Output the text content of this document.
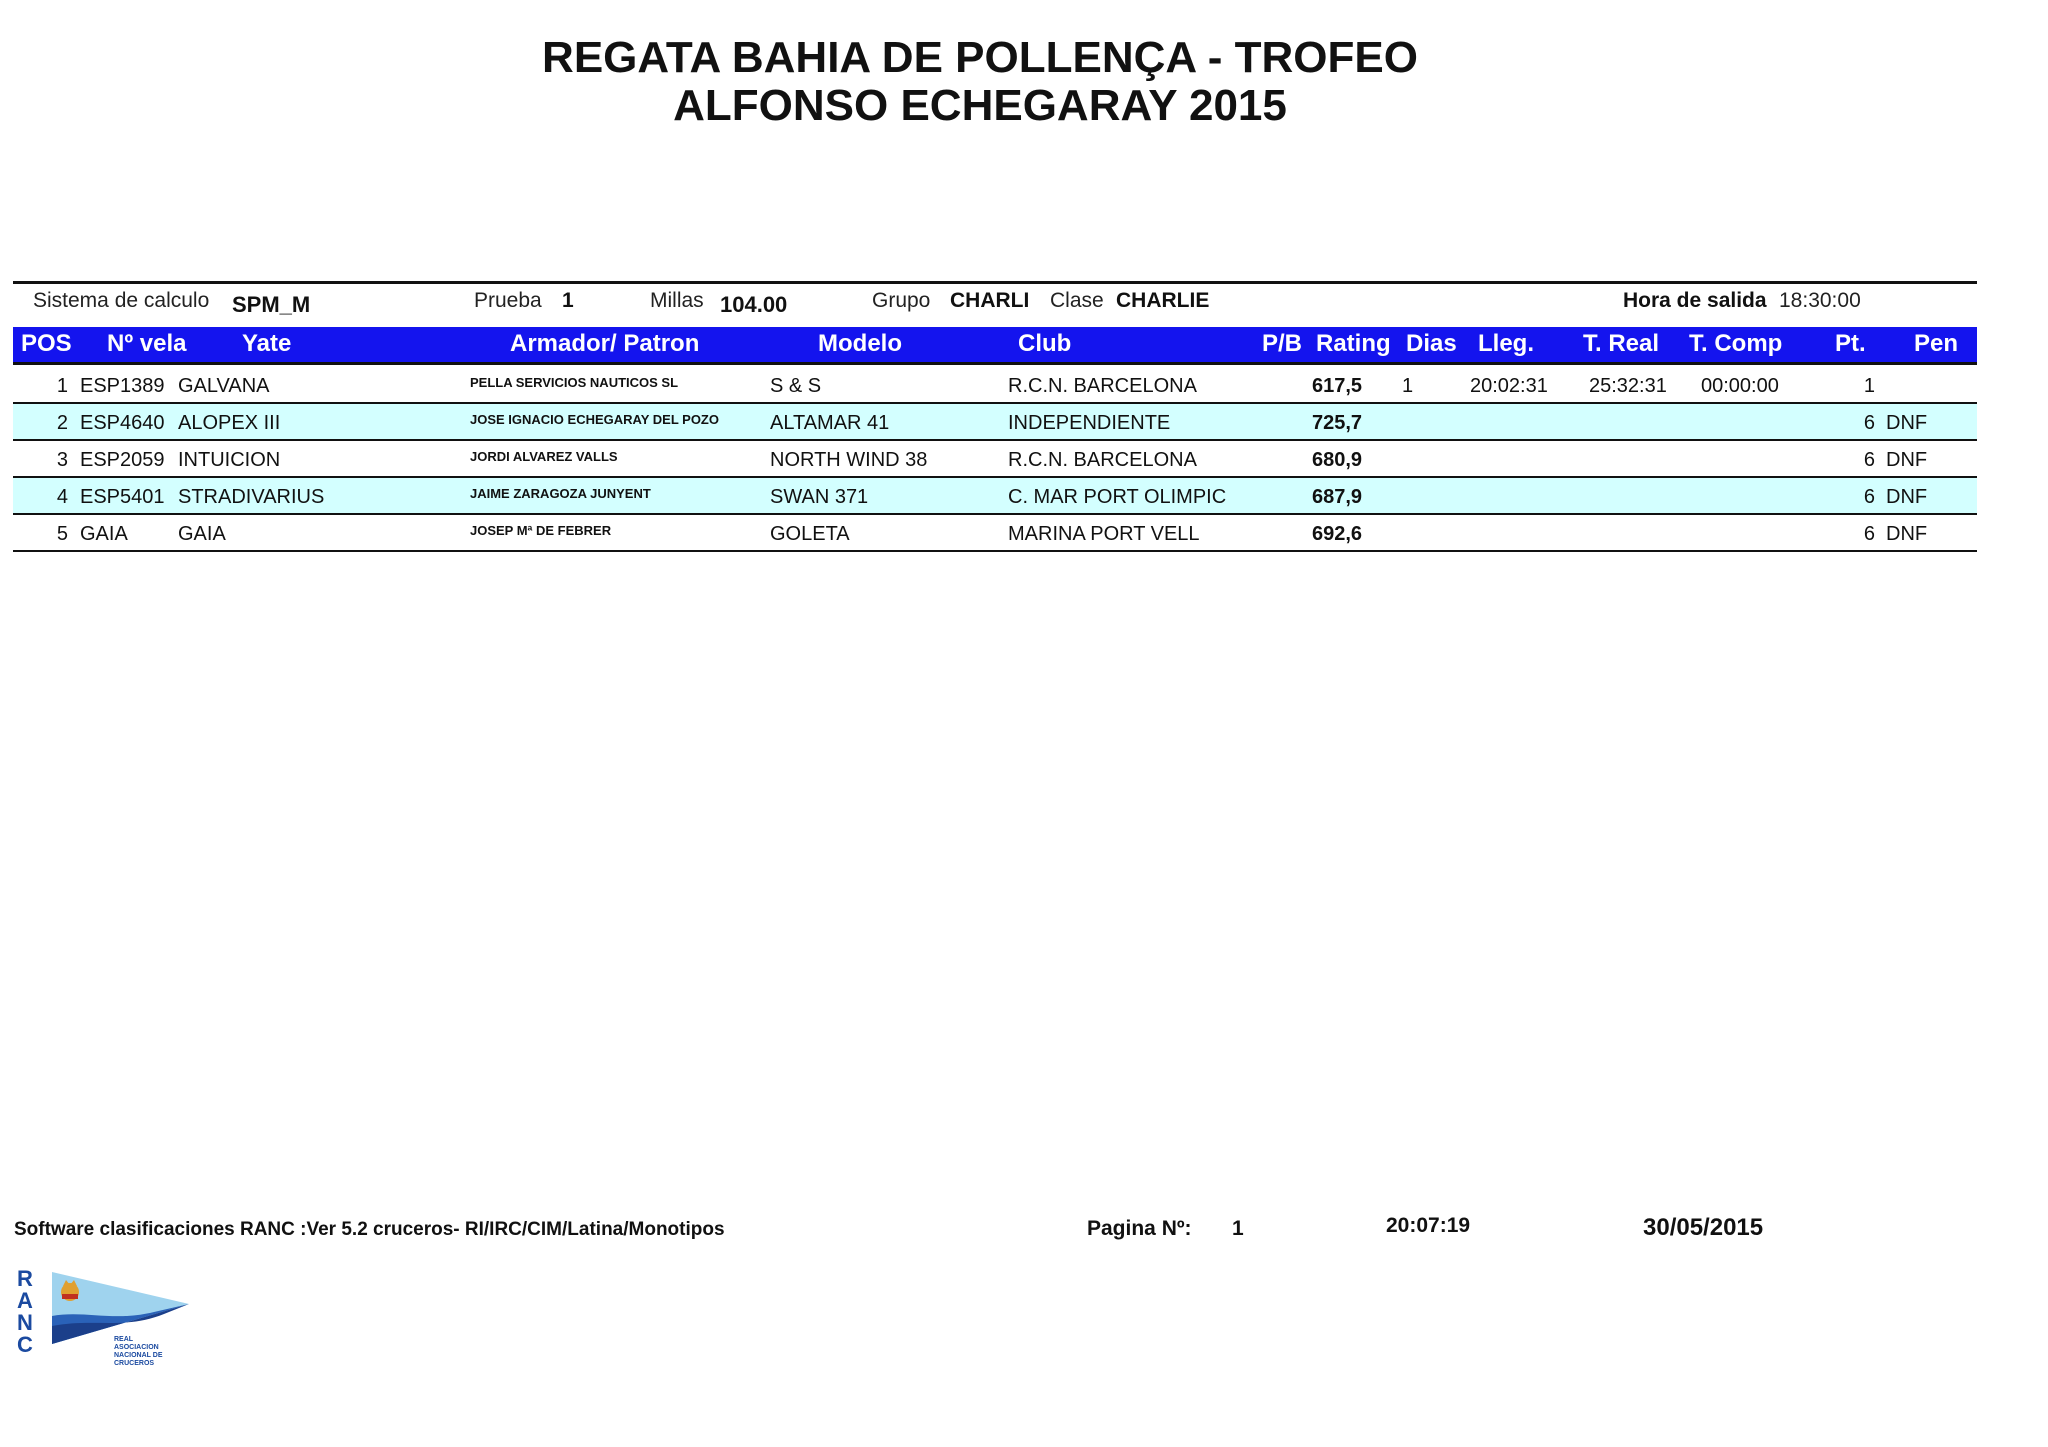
REGATA BAHIA DE POLLENÇA - TROFEO
ALFONSO ECHEGARAY 2015
Sistema de calculo SPM_M	Prueba 1	Millas 104.00	Grupo CHARLI Clase CHARLIE	Hora de salida 18:30:00
POS Nº vela Yate	Armador/ Patron	Modelo	Club	P/B Rating Dias Lleg. T. Real T. Comp Pt. Pen
1 ESP1389 GALVANA	PELLA SERVICIOS NAUTICOS SL	S & S	R.C.N. BARCELONA	617,5 1	20:02:31 25:32:31 00:00:00	1
2 ESP4640 ALOPEX III	JOSE IGNACIO ECHEGARAY DEL POZO	ALTAMAR 41	INDEPENDIENTE	725,7	6 DNF
3 ESP2059 INTUICION	JORDI ALVAREZ VALLS	NORTH WIND 38	R.C.N. BARCELONA	680,9	6 DNF
4 ESP5401 STRADIVARIUS	JAIME ZARAGOZA JUNYENT	SWAN 371	C. MAR PORT OLIMPIC	687,9	6 DNF
5 GAIA	GAIA	JOSEP Mª DE FEBRER	GOLETA	MARINA PORT VELL	692,6	6 DNF
Software clasificaciones RANC :Ver 5.2 cruceros- RI/IRC/CIM/Latina/Monotipos	Pagina Nº: 1	20:07:19	30/05/2015
R
A
N
C	REAL
ASOCIACION
NACIONAL DE
CRUCEROS
